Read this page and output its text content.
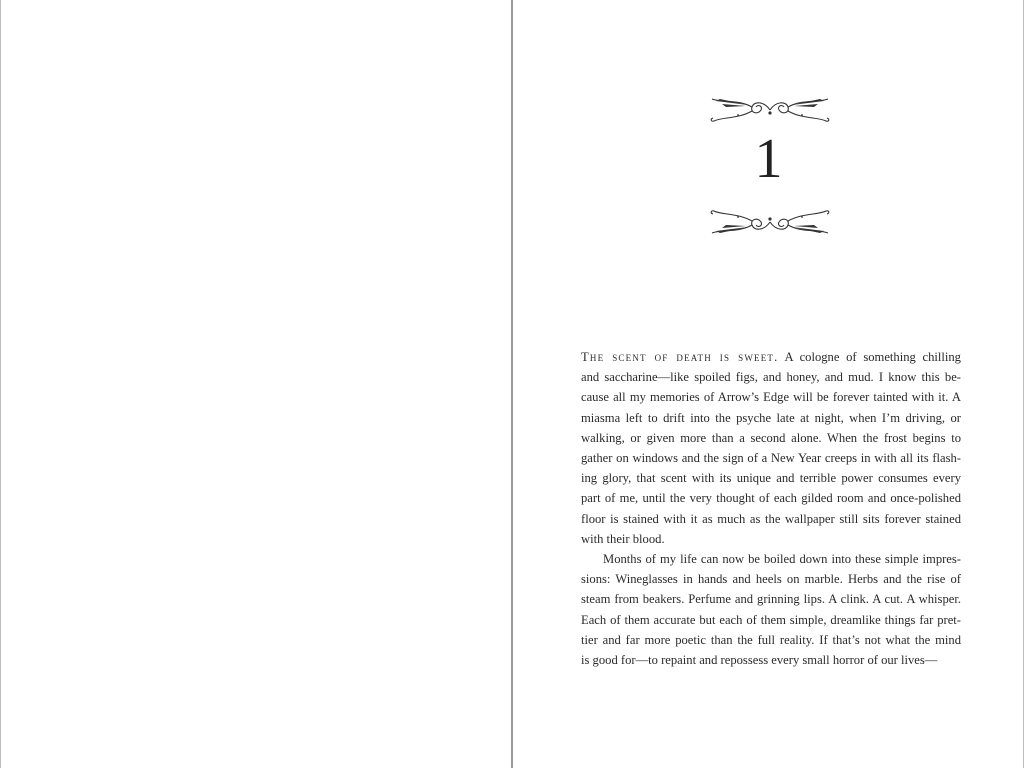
1

The scent of death is sweet. A cologne of something chilling
and saccharine—like spoiled figs, and honey, and mud. I know this be-
cause all my memories of Arrow’s Edge will be forever tainted with it. A
miasma left to drift into the psyche late at night, when I’m driving, or
walking, or given more than a second alone. When the frost begins to
gather on windows and the sign of a New Year creeps in with all its flash-
ing glory, that scent with its unique and terrible power consumes every
part of me, until the very thought of each gilded room and once-polished
floor is stained with it as much as the wallpaper still sits forever stained
with their blood.

Months of my life can now be boiled down into these simple impres-
sions: Wineglasses in hands and heels on marble. Herbs and the rise of
steam from beakers. Perfume and grinning lips. A clink. A cut. A whisper.
Each of them accurate but each of them simple, dreamlike things far pret-
tier and far more poetic than the full reality. If that’s not what the mind
is good for—to repaint and repossess every small horror of our lives—
